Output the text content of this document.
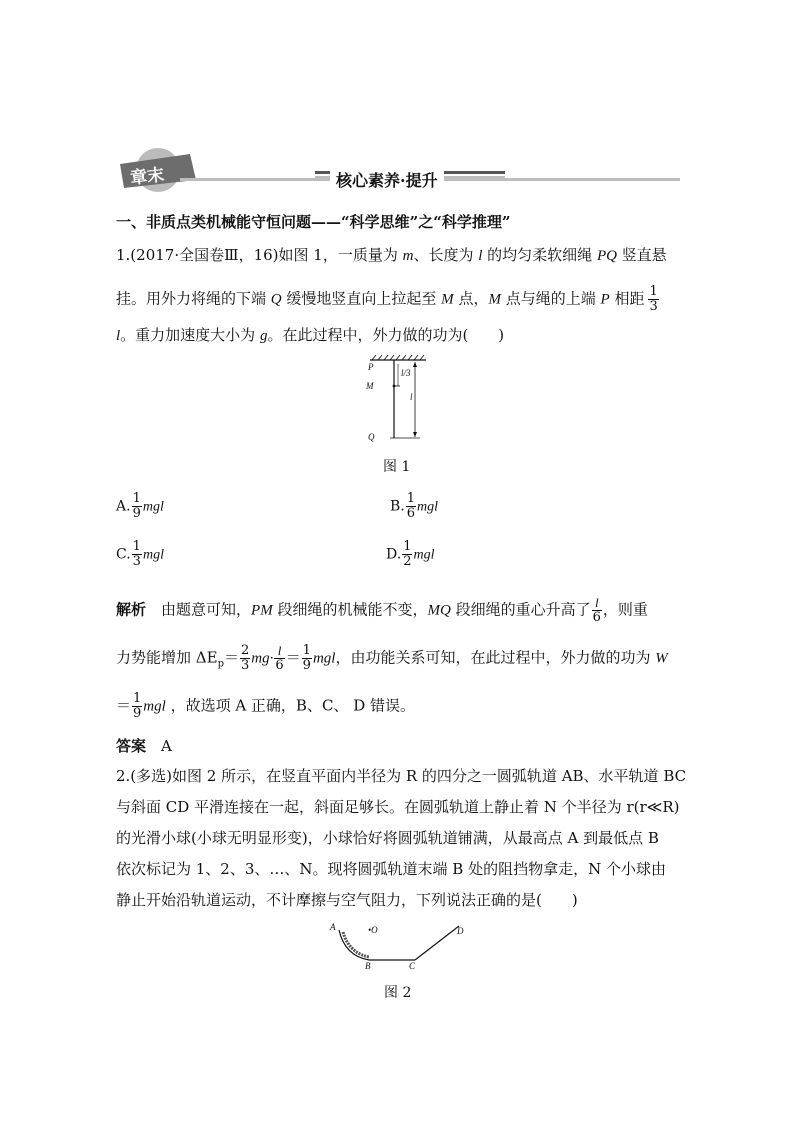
章末	核心素养·提升
一、非质点类机械能守恒问题——“科学思维”之“科学推理”
1.(2017·全国卷Ⅲ，16)如图 1，一质量为 m、长度为 l 的均匀柔软细绳 PQ 竖直悬
挂。用外力将绳的下端 Q 缓慢地竖直向上拉起至 M 点，M 点与绳的上端 P 相距 $\frac{1}{3}$
l。重力加速度大小为 g。在此过程中，外力做的功为(　　)
P
l/3
M
l
Q
图 1
A. $\frac{1}{9}$ mgl	B. $\frac{1}{6}$ mgl
C. $\frac{1}{3}$ mgl	D. $\frac{1}{2}$ mgl
解析　 由题意可知，PM 段细绳的机械能不变，MQ 段细绳的重心升高了 $\frac{l}{6}$ ，则重
力势能增加 $\Delta E_p= \frac{2}{3} mg\cdot \frac{l}{6} = \frac{1}{9}$ mgl，由功能关系可知，在此过程中，外力做的功为 W
＝ $\frac{1}{9}$ mgl ，故选项 A 正确，B、C、 D 错误。
答案　 A
2.(多选)如图 2 所示，在竖直平面内半径为 R 的四分之一圆弧轨道 AB、水平轨道 BC
与斜面 CD 平滑连接在一起，斜面足够长。在圆弧轨道上静止着 N 个半径为 r(r≪R)
的光滑小球(小球无明显形变)，小球恰好将圆弧轨道铺满，从最高点 A 到最低点 B
依次标记为 1、2、3、…、N。现将圆弧轨道末端 B 处的阻挡物拿走，N 个小球由
静止开始沿轨道运动，不计摩擦与空气阻力，下列说法正确的是(　　)
A	•O
B	C
D
图 2
